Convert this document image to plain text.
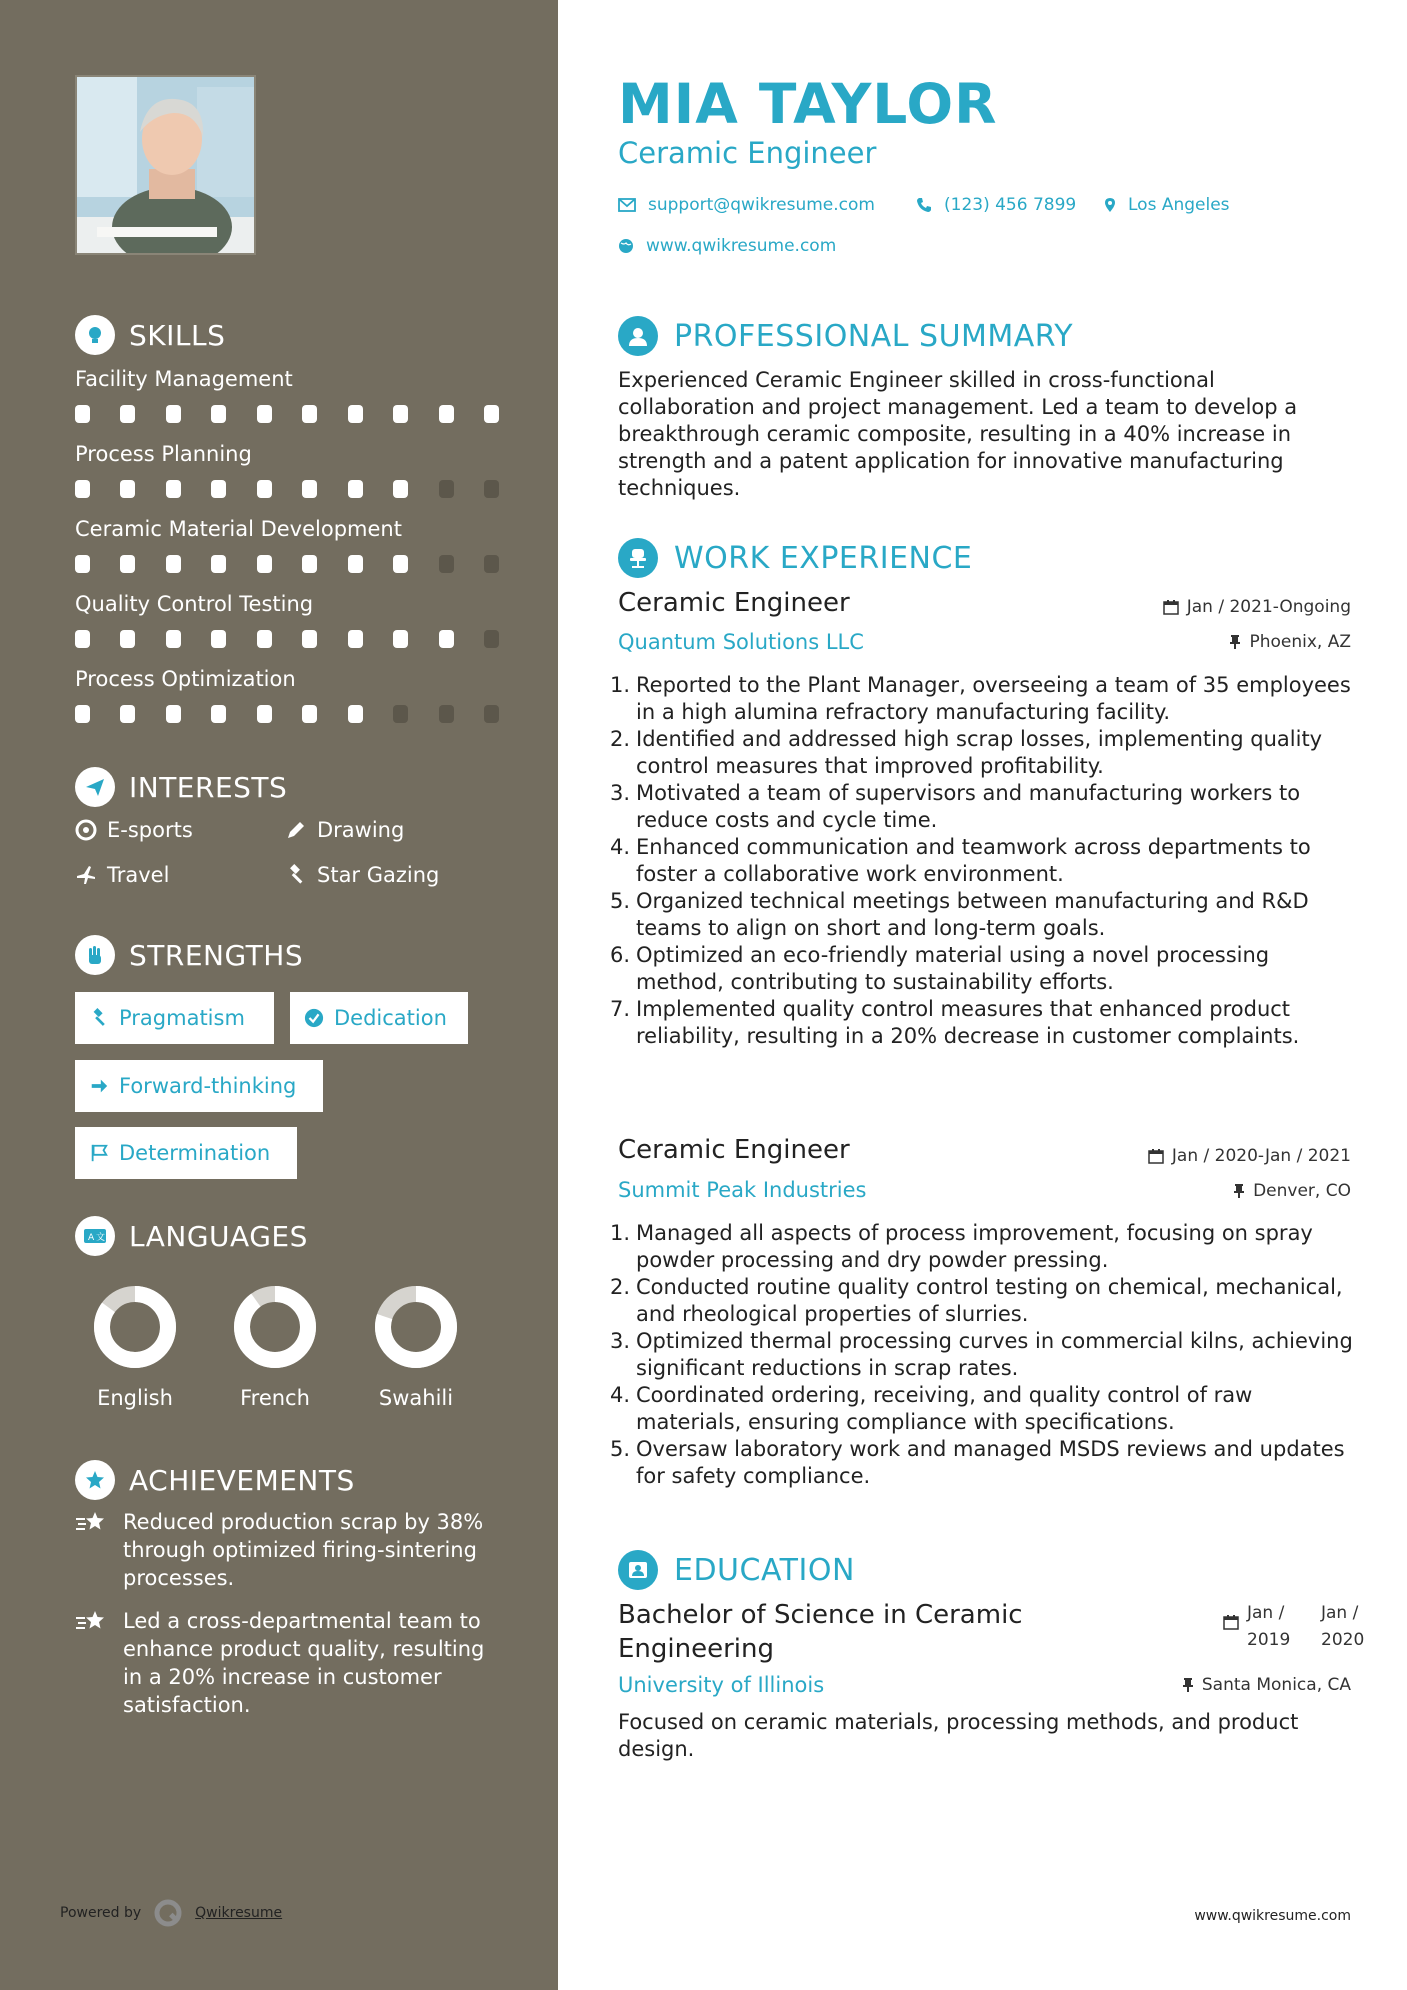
SKILLS
Facility Management
Process Planning
Ceramic Material Development
Quality Control Testing
Process Optimization
INTERESTS
E-sports	Drawing
Travel	Star Gazing
STRENGTHS
Pragmatism	Dedication
Forward-thinking
Determination
A 文 LANGUAGES
English	French	Swahili
ACHIEVEMENTS
Reduced production scrap by 38% through optimized firing-sintering processes.
Led a cross-departmental team to enhance product quality, resulting in a 20% increase in customer satisfaction.
Powered by	Qwikresume
MIA TAYLOR
Ceramic Engineer
support@qwikresume.com	(123) 456 7899	Los Angeles
www.qwikresume.com
PROFESSIONAL SUMMARY
Experienced Ceramic Engineer skilled in cross-functional collaboration and project management. Led a team to develop a breakthrough ceramic composite, resulting in a 40% increase in strength and a patent application for innovative manufacturing techniques.
WORK EXPERIENCE
Ceramic Engineer	Jan / 2021-Ongoing
Quantum Solutions LLC	Phoenix, AZ
1. Reported to the Plant Manager, overseeing a team of 35 employees in a high alumina refractory manufacturing facility.
2. Identified and addressed high scrap losses, implementing quality control measures that improved profitability.
3. Motivated a team of supervisors and manufacturing workers to reduce costs and cycle time.
4. Enhanced communication and teamwork across departments to foster a collaborative work environment.
5. Organized technical meetings between manufacturing and R&D teams to align on short and long-term goals.
6. Optimized an eco-friendly material using a novel processing method, contributing to sustainability efforts.
7. Implemented quality control measures that enhanced product reliability, resulting in a 20% decrease in customer complaints.
Ceramic Engineer	Jan / 2020-Jan / 2021
Summit Peak Industries	Denver, CO
1. Managed all aspects of process improvement, focusing on spray powder processing and dry powder pressing.
2. Conducted routine quality control testing on chemical, mechanical, and rheological properties of slurries.
3. Optimized thermal processing curves in commercial kilns, achieving significant reductions in scrap rates.
4. Coordinated ordering, receiving, and quality control of raw materials, ensuring compliance with specifications.
5. Oversaw laboratory work and managed MSDS reviews and updates for safety compliance.
EDUCATION
Bachelor of Science in Ceramic Engineering
Jan / 2019
Jan / 2020
University of Illinois	Santa Monica, CA
Focused on ceramic materials, processing methods, and product design.
www.qwikresume.com
